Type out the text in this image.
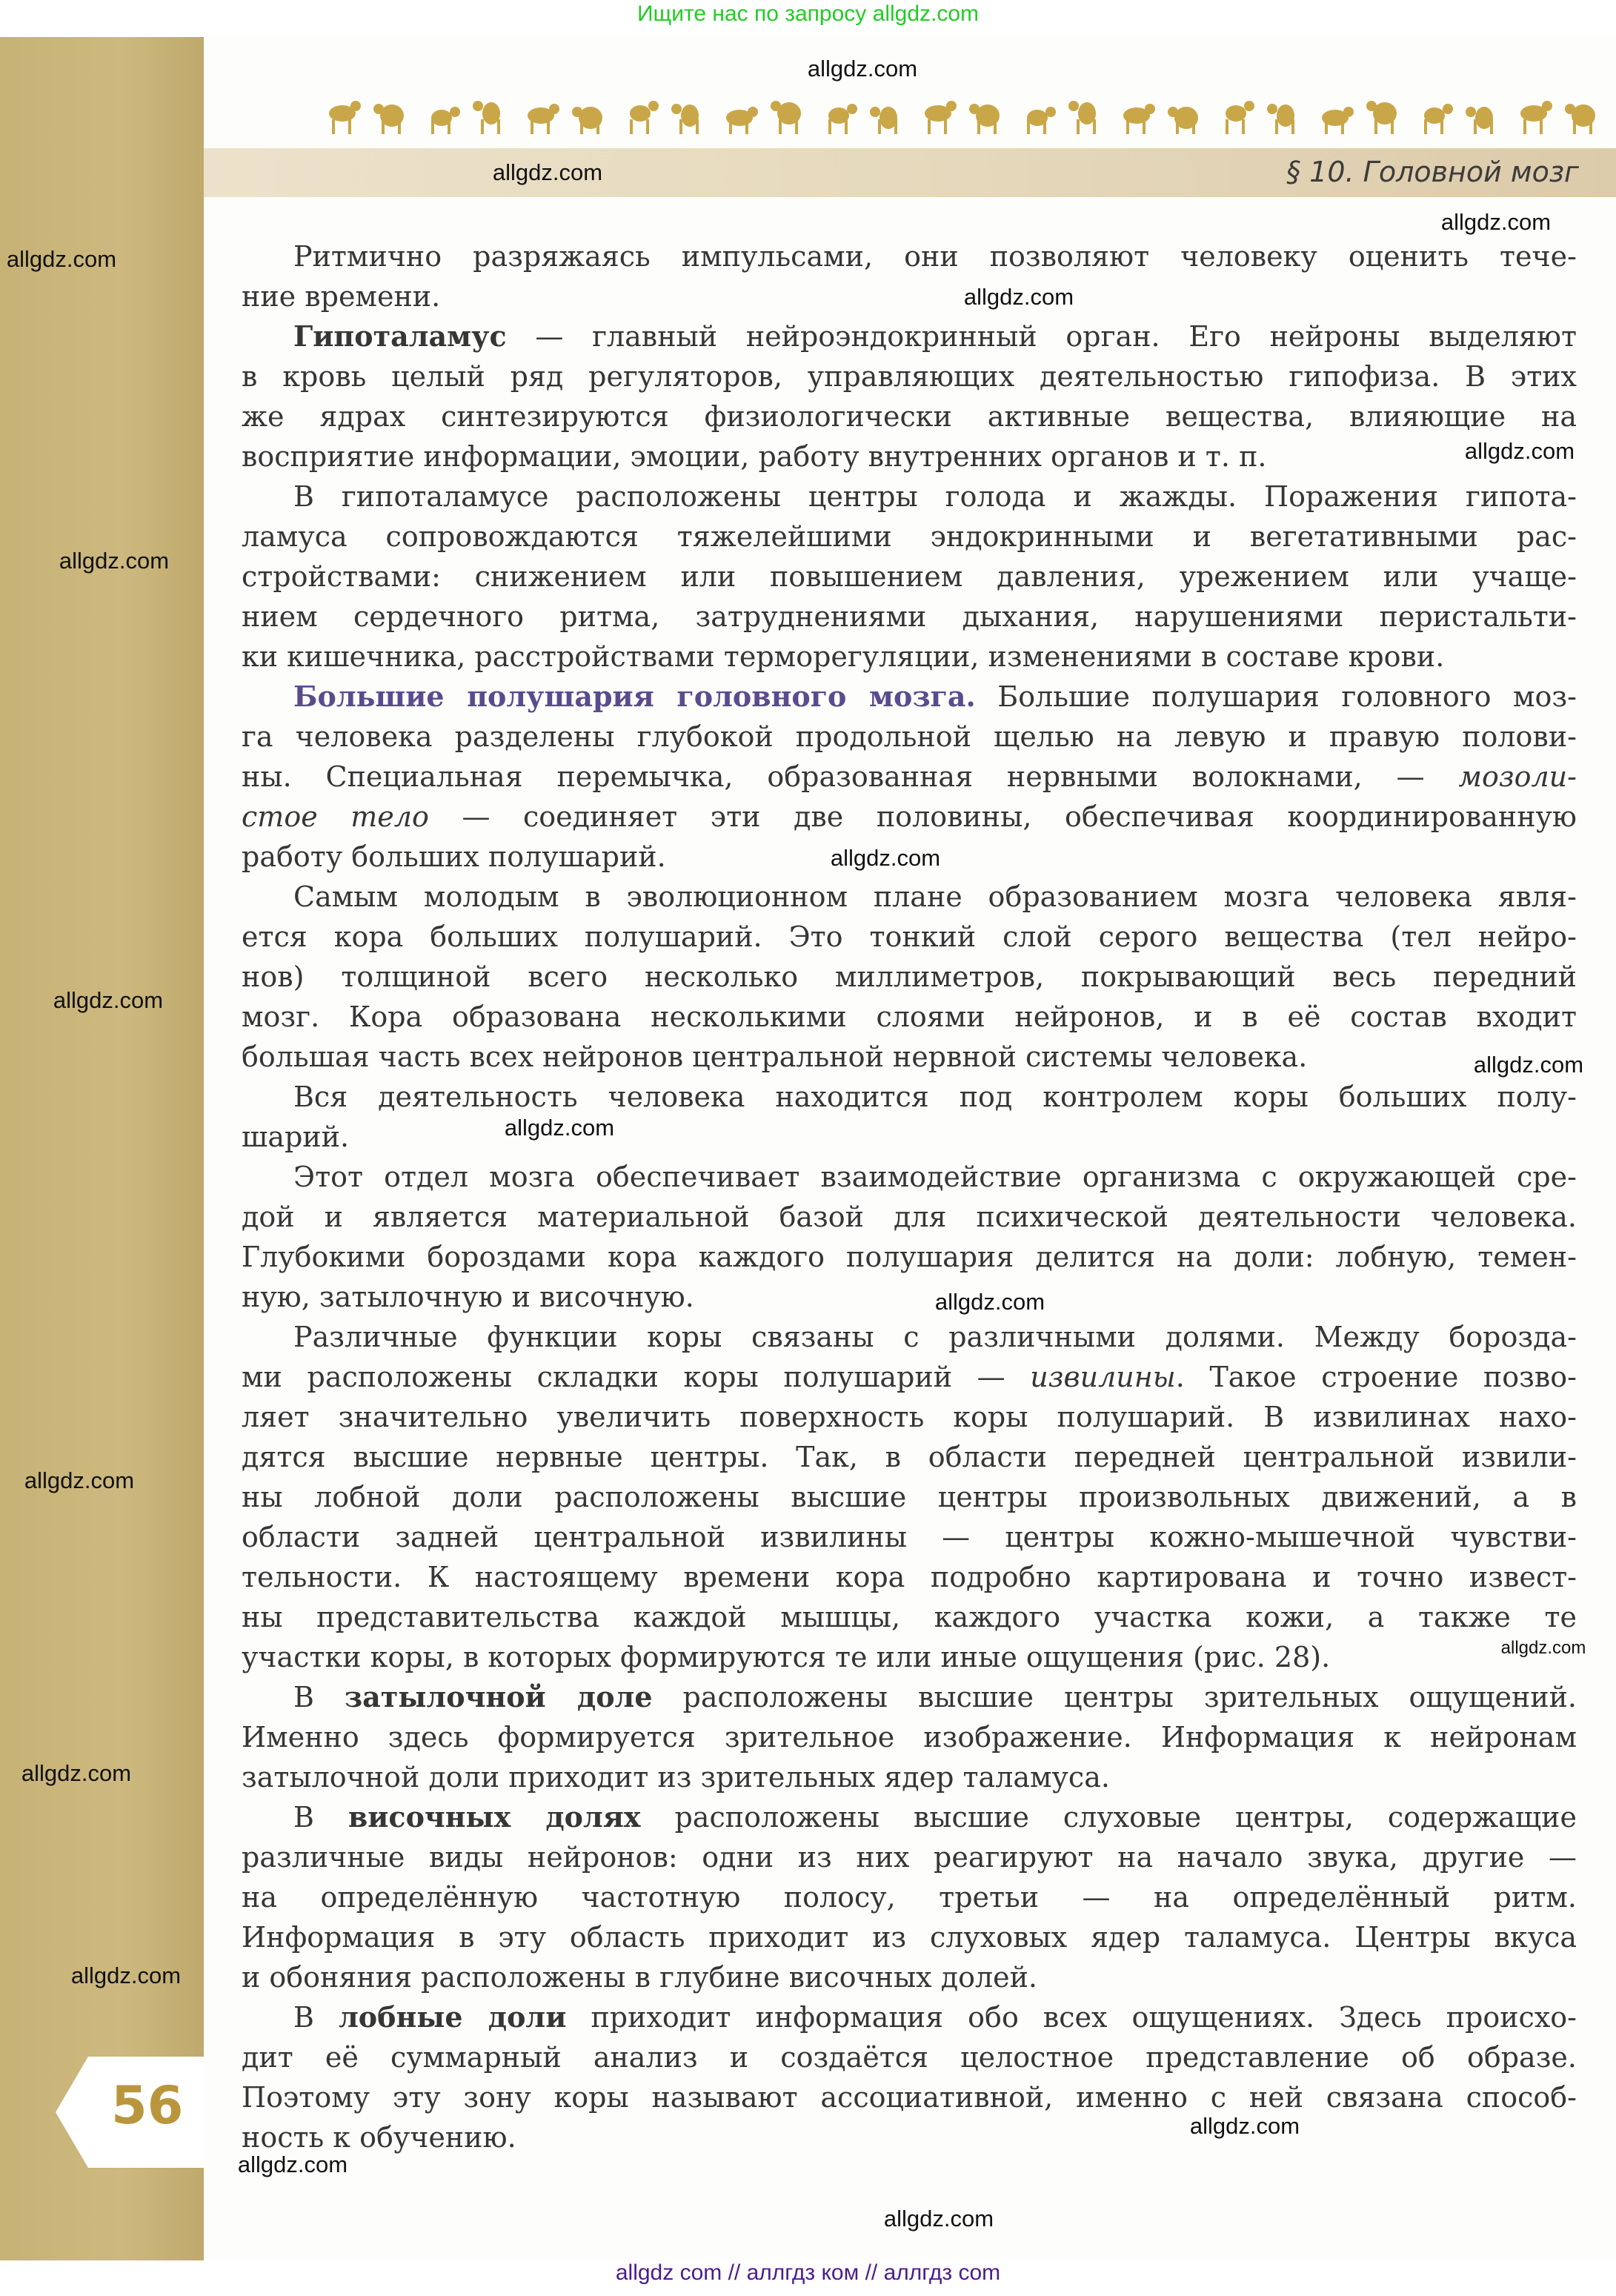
56
§ 10. Головной мозг
Ищите нас по запросу allgdz.com
allgdz com // аллгдз ком // аллгдз com
Ритмично разряжаясь импульсами, они позволяют человеку оценить тече-
ние времени.
Гипоталамус — главный нейроэндокринный орган. Его нейроны выделяют
в кровь целый ряд регуляторов, управляющих деятельностью гипофиза. В этих
же ядрах синтезируются физиологически активные вещества, влияющие на
восприятие информации, эмоции, работу внутренних органов и т. п.
В гипоталамусе расположены центры голода и жажды. Поражения гипота-
ламуса сопровождаются тяжелейшими эндокринными и вегетативными рас-
стройствами: снижением или повышением давления, урежением или учаще-
нием сердечного ритма, затруднениями дыхания, нарушениями перистальти-
ки кишечника, расстройствами терморегуляции, изменениями в составе крови.
Большие полушария головного мозга. Большие полушария головного моз-
га человека разделены глубокой продольной щелью на левую и правую полови-
ны. Специальная перемычка, образованная нервными волокнами, — мозоли-
стое тело — соединяет эти две половины, обеспечивая координированную
работу больших полушарий.
Самым молодым в эволюционном плане образованием мозга человека явля-
ется кора больших полушарий. Это тонкий слой серого вещества (тел нейро-
нов) толщиной всего несколько миллиметров, покрывающий весь передний
мозг. Кора образована несколькими слоями нейронов, и в её состав входит
большая часть всех нейронов центральной нервной системы человека.
Вся деятельность человека находится под контролем коры больших полу-
шарий.
Этот отдел мозга обеспечивает взаимодействие организма с окружающей сре-
дой и является материальной базой для психической деятельности человека.
Глубокими бороздами кора каждого полушария делится на доли: лобную, темен-
ную, затылочную и височную.
Различные функции коры связаны с различными долями. Между борозда-
ми расположены складки коры полушарий — извилины. Такое строение позво-
ляет значительно увеличить поверхность коры полушарий. В извилинах нахо-
дятся высшие нервные центры. Так, в области передней центральной извили-
ны лобной доли расположены высшие центры произвольных движений, а в
области задней центральной извилины — центры кожно-мышечной чувстви-
тельности. К настоящему времени кора подробно картирована и точно извест-
ны представительства каждой мышцы, каждого участка кожи, а также те
участки коры, в которых формируются те или иные ощущения (рис. 28).
В затылочной доле расположены высшие центры зрительных ощущений.
Именно здесь формируется зрительное изображение. Информация к нейронам
затылочной доли приходит из зрительных ядер таламуса.
В височных долях расположены высшие слуховые центры, содержащие
различные виды нейронов: одни из них реагируют на начало звука, другие —
на определённую частотную полосу, третьи — на определённый ритм.
Информация в эту область приходит из слуховых ядер таламуса. Центры вкуса
и обоняния расположены в глубине височных долей.
В лобные доли приходит информация обо всех ощущениях. Здесь происхо-
дит её суммарный анализ и создаётся целостное представление об образе.
Поэтому эту зону коры называют ассоциативной, именно с ней связана способ-
ность к обучению.
allgdz.com
allgdz.com
allgdz.com
allgdz.com
allgdz.com
allgdz.com
allgdz.com
allgdz.com
allgdz.com
allgdz.com
allgdz.com
allgdz.com
allgdz.com
allgdz.com
allgdz.com
allgdz.com
allgdz.com
allgdz.com
allgdz.com
